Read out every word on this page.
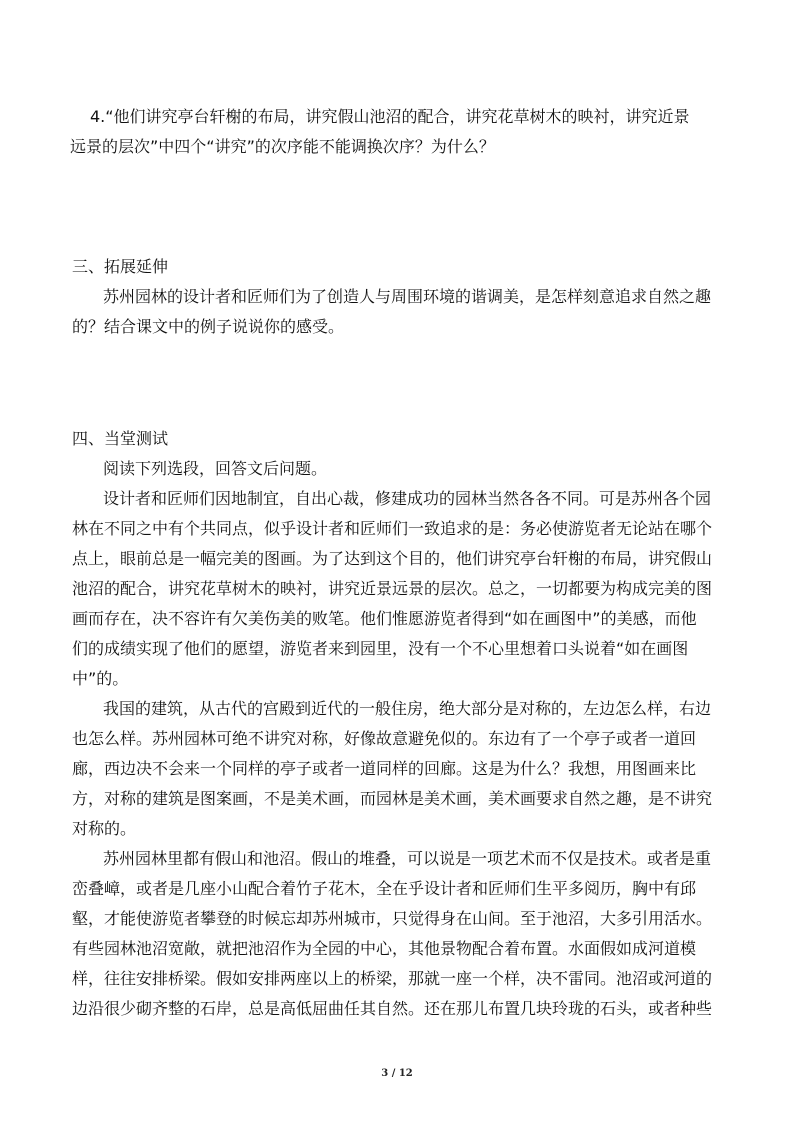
4.“他们讲究亭台轩榭的布局，讲究假山池沼的配合，讲究花草树木的映衬，讲究近景
远景的层次”中四个“讲究”的次序能不能调换次序？为什么？
三、拓展延伸
苏州园林的设计者和匠师们为了创造人与周围环境的谐调美，是怎样刻意追求自然之趣
的？结合课文中的例子说说你的感受。
四、当堂测试
阅读下列选段，回答文后问题。
设计者和匠师们因地制宜，自出心裁，修建成功的园林当然各各不同。可是苏州各个园
林在不同之中有个共同点，似乎设计者和匠师们一致追求的是：务必使游览者无论站在哪个
点上，眼前总是一幅完美的图画。为了达到这个目的，他们讲究亭台轩榭的布局，讲究假山
池沼的配合，讲究花草树木的映衬，讲究近景远景的层次。总之，一切都要为构成完美的图
画而存在，决不容许有欠美伤美的败笔。他们惟愿游览者得到“如在画图中”的美感，而他
们的成绩实现了他们的愿望，游览者来到园里，没有一个不心里想着口头说着“如在画图
中”的。
我国的建筑，从古代的宫殿到近代的一般住房，绝大部分是对称的，左边怎么样，右边
也怎么样。苏州园林可绝不讲究对称，好像故意避免似的。东边有了一个亭子或者一道回
廊，西边决不会来一个同样的亭子或者一道同样的回廊。这是为什么？我想，用图画来比
方，对称的建筑是图案画，不是美术画，而园林是美术画，美术画要求自然之趣，是不讲究
对称的。
苏州园林里都有假山和池沼。假山的堆叠，可以说是一项艺术而不仅是技术。或者是重
峦叠嶂，或者是几座小山配合着竹子花木，全在乎设计者和匠师们生平多阅历，胸中有邱
壑，才能使游览者攀登的时候忘却苏州城市，只觉得身在山间。至于池沼，大多引用活水。
有些园林池沼宽敞，就把池沼作为全园的中心，其他景物配合着布置。水面假如成河道模
样，往往安排桥梁。假如安排两座以上的桥梁，那就一座一个样，决不雷同。池沼或河道的
边沿很少砌齐整的石岸，总是高低屈曲任其自然。还在那儿布置几块玲珑的石头，或者种些
3 / 12
